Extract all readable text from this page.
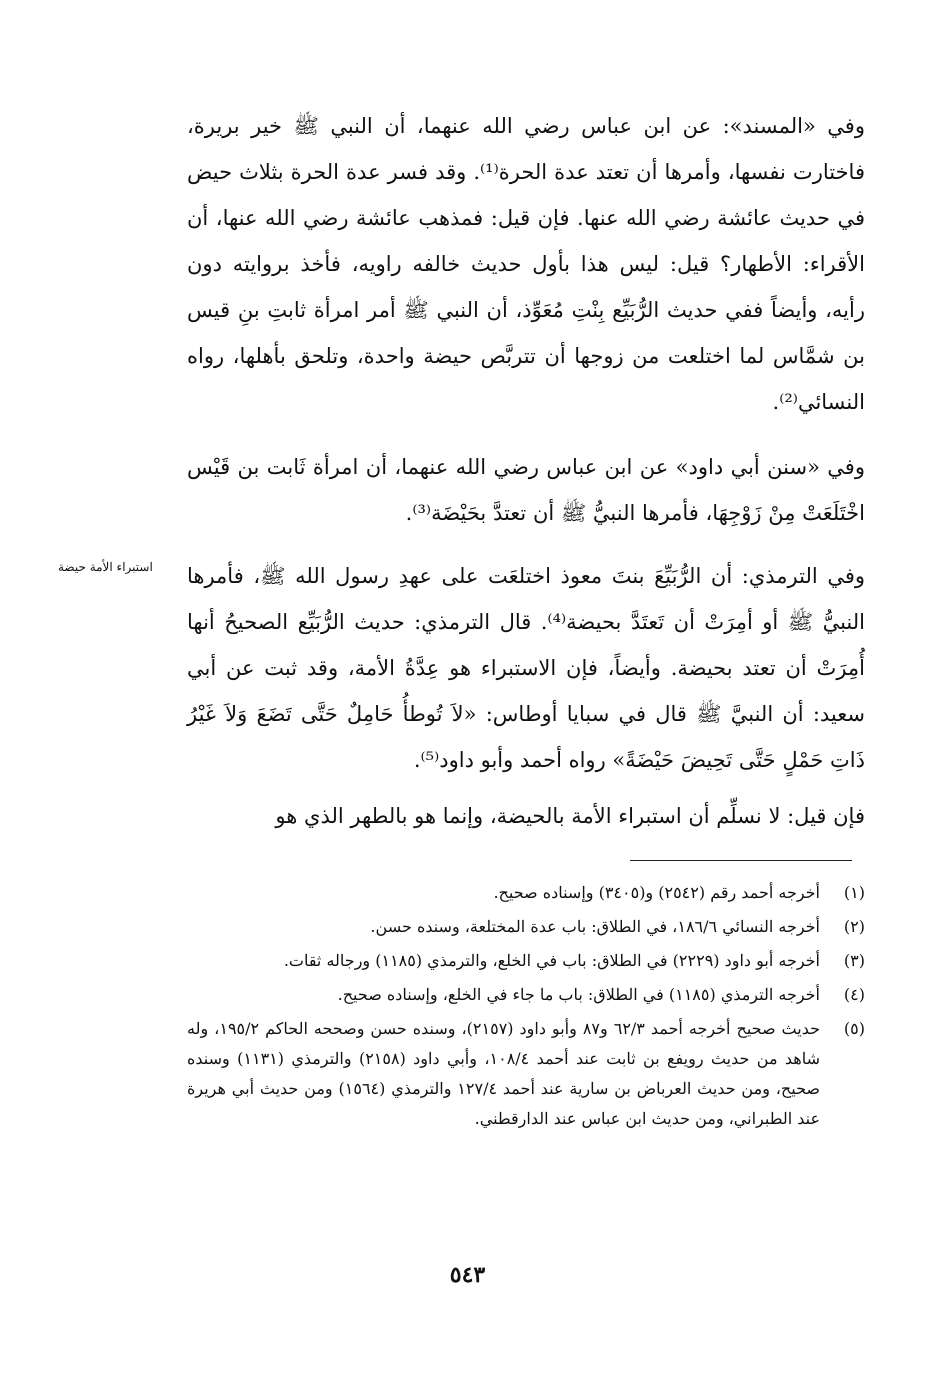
وفي «المسند»: عن ابن عباس رضي الله عنهما، أن النبي ﷺ خير بريرة، فاختارت نفسها، وأمرها أن تعتد عدة الحرة⁽¹⁾. وقد فسر عدة الحرة بثلاث حيض في حديث عائشة رضي الله عنها. فإن قيل: فمذهب عائشة رضي الله عنها، أن الأقراء: الأطهار؟ قيل: ليس هذا بأول حديث خالفه راويه، فأخذ بروايته دون رأيه، وأيضاً ففي حديث الرُّبَيِّع بِنْتِ مُعَوِّذ، أن النبي ﷺ أمر امرأة ثابتِ بنِ قيس بن شمَّاس لما اختلعت من زوجها أن تتربَّص حيضة واحدة، وتلحق بأهلها، رواه النسائي⁽²⁾.

وفي «سنن أبي داود» عن ابن عباس رضي الله عنهما، أن امرأة ثَابت بن قَيْس اخْتَلَعَتْ مِنْ زَوْجِهَا، فأمرها النبيُّ ﷺ أن تعتدَّ بحَيْضَة⁽³⁾.

استبراء الأمة حيضة	وفي الترمذي: أن الرُّبَيِّعَ بنتَ معوذ اختلعَت على عهدِ رسول الله ﷺ، فأمرها النبيُّ ﷺ أو أمِرَتْ أن تَعتَدَّ بحيضة⁽⁴⁾. قال الترمذي: حديث الرُّبَيِّع الصحيحُ أنها أُمِرَتْ أن تعتد بحيضة. وأيضاً، فإن الاستبراء هو عِدَّةُ الأمة، وقد ثبت عن أبي سعيد: أن النبيَّ ﷺ قال في سبايا أوطاس: «لاَ تُوطأُ حَامِلٌ حَتَّى تَضَعَ وَلاَ غَيْرُ ذَاتِ حَمْلٍ حَتَّى تَحِيضَ حَيْضَةً» رواه أحمد وأبو داود⁽⁵⁾.

فإن قيل: لا نسلِّم أن استبراء الأمة بالحيضة، وإنما هو بالطهر الذي هو

(١)
أخرجه أحمد رقم (٢٥٤٢) و(٣٤٠٥) وإسناده صحيح.
(٢)
أخرجه النسائي ١٨٦/٦، في الطلاق: باب عدة المختلعة، وسنده حسن.
(٣)
أخرجه أبو داود (٢٢٢٩) في الطلاق: باب في الخلع، والترمذي (١١٨٥) ورجاله ثقات.
(٤)
أخرجه الترمذي (١١٨٥) في الطلاق: باب ما جاء في الخلع، وإسناده صحيح.
(٥)
حديث صحيح أخرجه أحمد ٦٢/٣ و٨٧ وأبو داود (٢١٥٧)، وسنده حسن وصححه الحاكم ١٩٥/٢، وله شاهد من حديث رويفع بن ثابت عند أحمد ١٠٨/٤، وأبي داود (٢١٥٨) والترمذي (١١٣١) وسنده صحيح، ومن حديث العرباض بن سارية عند أحمد ١٢٧/٤ والترمذي (١٥٦٤) ومن حديث أبي هريرة عند الطبراني، ومن حديث ابن عباس عند الدارقطني.
٥٤٣
